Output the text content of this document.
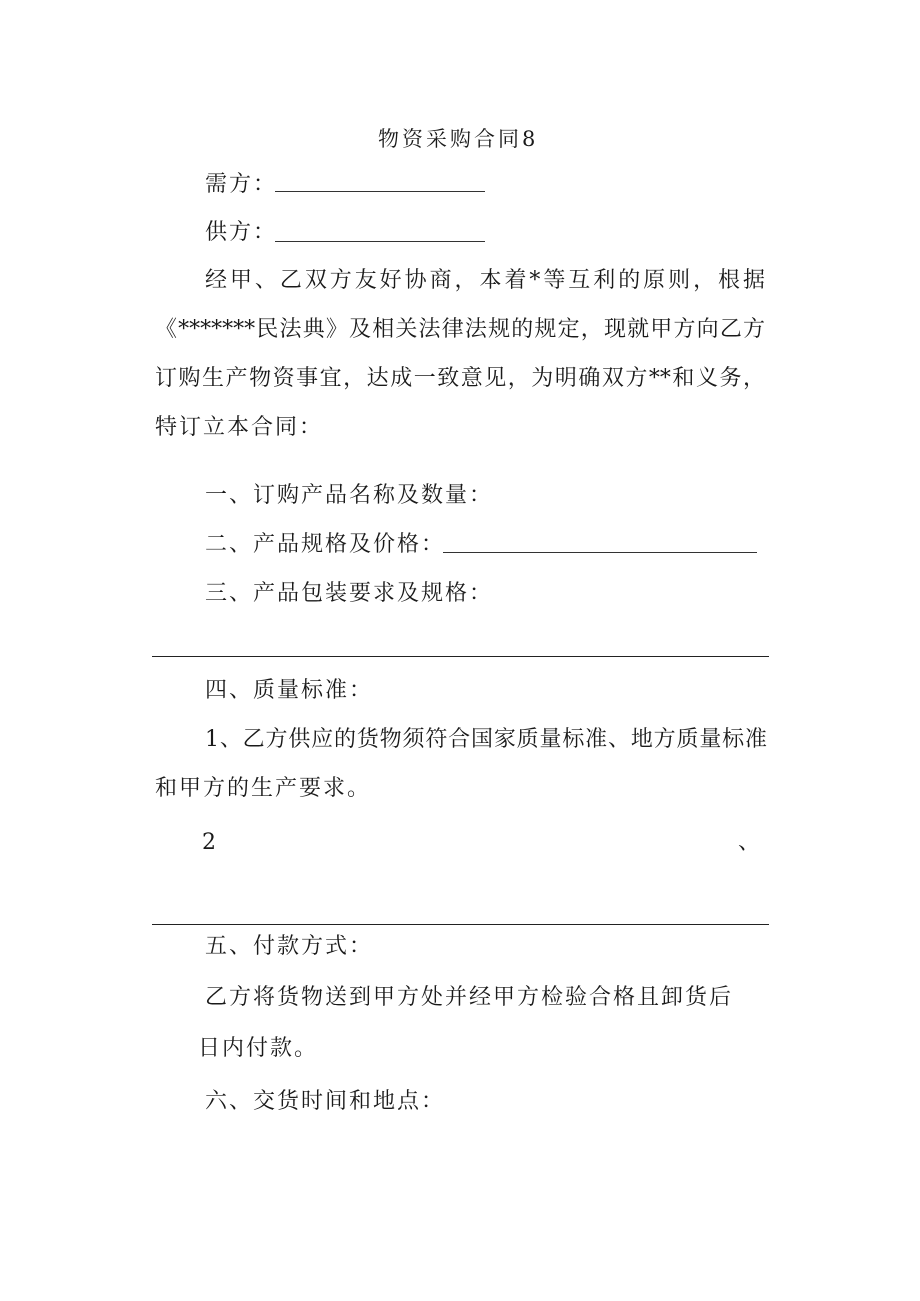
物资采购合同8
需方：
供方：
经甲、乙双方友好协商，本着*等互利的原则，根据
《*******民法典》及相关法律法规的规定，现就甲方向乙方
订购生产物资事宜，达成一致意见，为明确双方**和义务，
特订立本合同：
一、订购产品名称及数量：
二、产品规格及价格：
三、产品包装要求及规格：
四、质量标准：
1、乙方供应的货物须符合国家质量标准、地方质量标准
和甲方的生产要求。
2	、
五、付款方式：
乙方将货物送到甲方处并经甲方检验合格且卸货后
日内付款。
六、交货时间和地点：
